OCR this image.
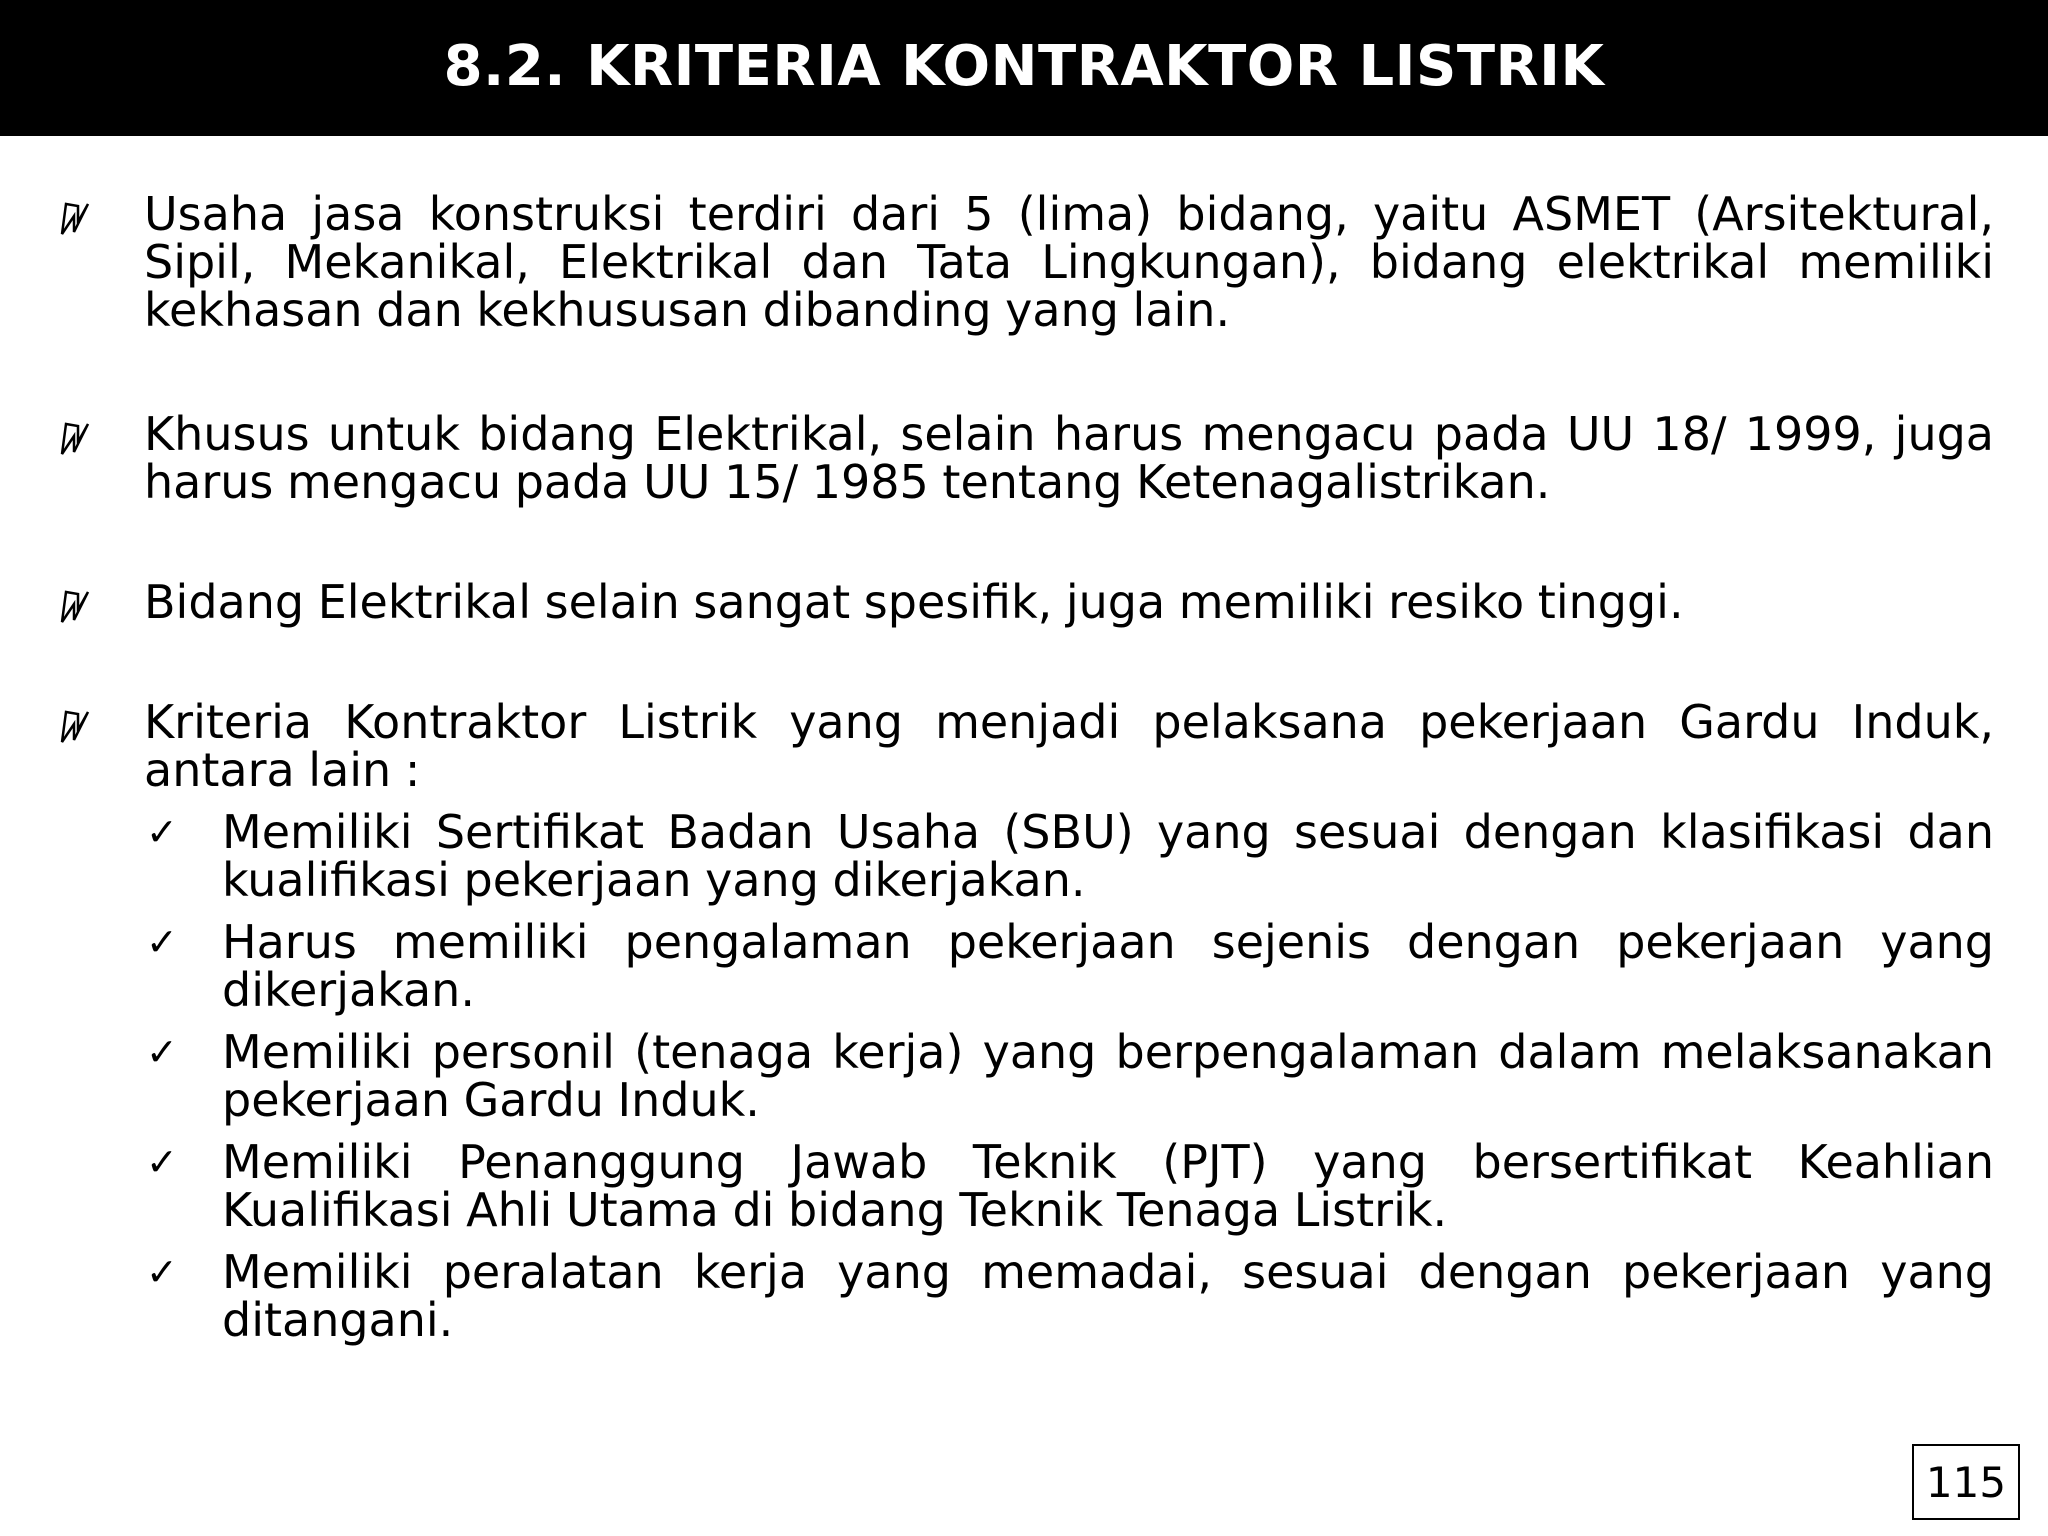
8.2. KRITERIA KONTRAKTOR LISTRIK
Usaha jasa konstruksi terdiri dari 5 (lima) bidang, yaitu ASMET (Arsitektural, Sipil, Mekanikal, Elektrikal dan Tata Lingkungan), bidang elektrikal memiliki kekhasan dan kekhususan dibanding yang lain.
Khusus untuk bidang Elektrikal, selain harus mengacu pada UU 18/ 1999, juga harus mengacu pada UU 15/ 1985 tentang Ketenagalistrikan.
Bidang Elektrikal selain sangat spesifik, juga memiliki resiko tinggi.
Kriteria Kontraktor Listrik yang menjadi pelaksana pekerjaan Gardu Induk, antara lain :
✓ Memiliki Sertifikat Badan Usaha (SBU) yang sesuai dengan klasifikasi dan kualifikasi pekerjaan yang dikerjakan.
✓ Harus memiliki pengalaman pekerjaan sejenis dengan pekerjaan yang dikerjakan.
✓ Memiliki personil (tenaga kerja) yang berpengalaman dalam melaksanakan pekerjaan Gardu Induk.
✓ Memiliki Penanggung Jawab Teknik (PJT) yang bersertifikat Keahlian Kualifikasi Ahli Utama di bidang Teknik Tenaga Listrik.
✓ Memiliki peralatan kerja yang memadai, sesuai dengan pekerjaan yang ditangani.
115
